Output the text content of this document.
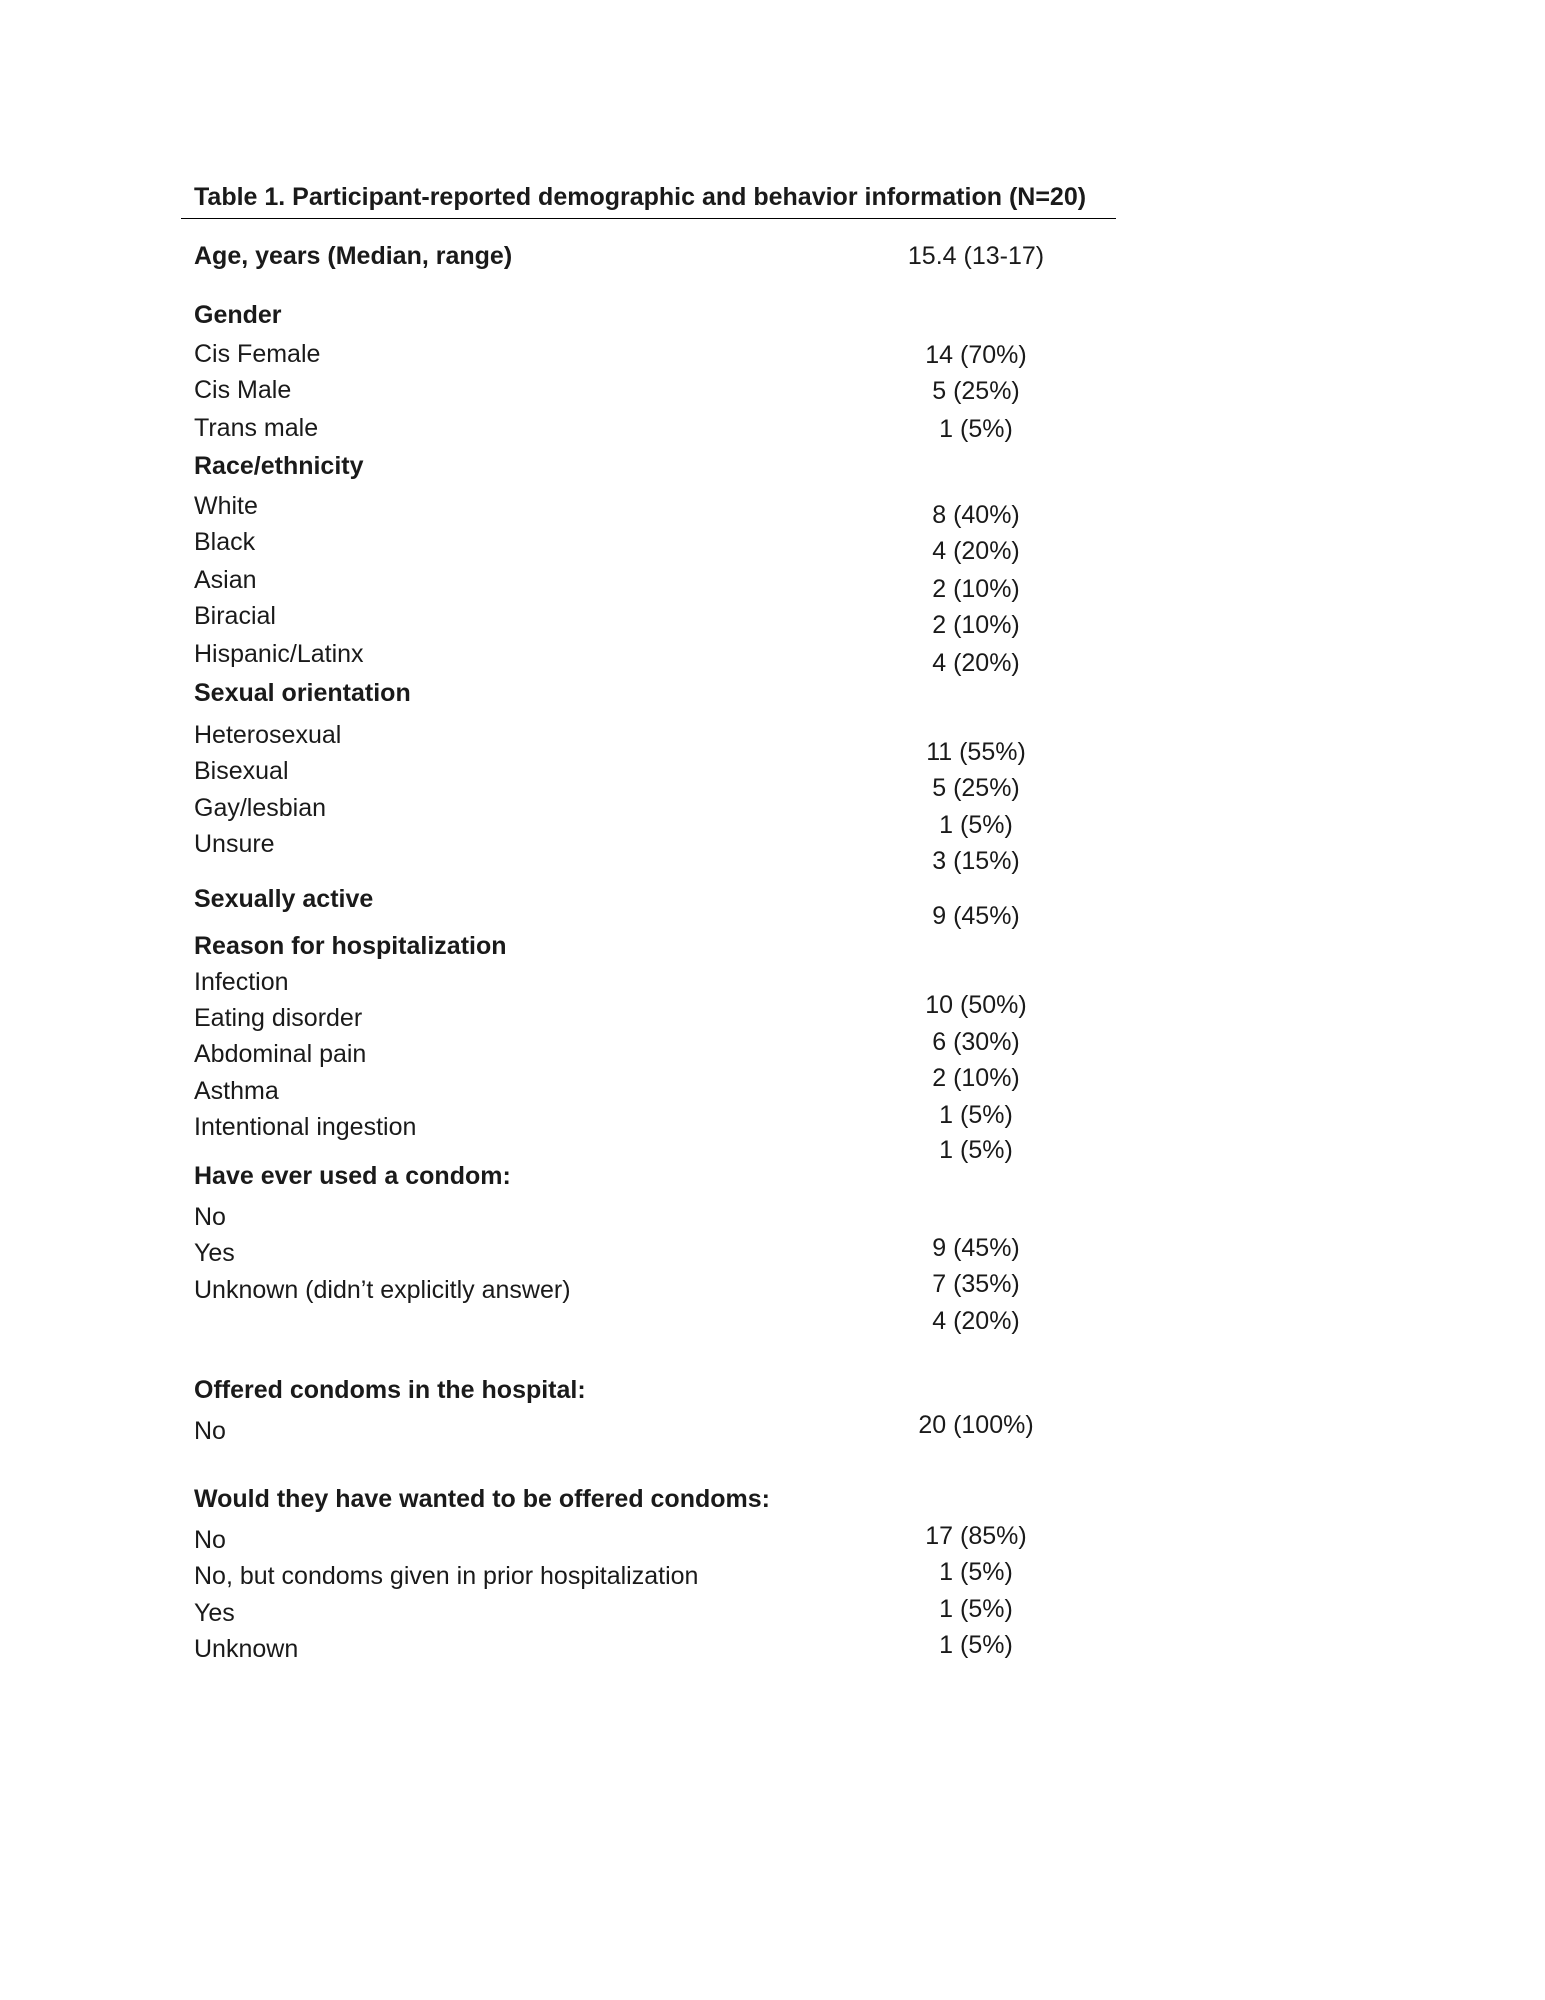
Table 1. Participant-reported demographic and behavior information (N=20)
Age, years (Median, range)	15.4 (13-17)
Gender
Cis Female
Cis Male
Trans male
14 (70%)
5 (25%)
1 (5%)
Race/ethnicity
White
Black
Asian
Biracial
Hispanic/Latinx
8 (40%)
4 (20%)
2 (10%)
2 (10%)
4 (20%)
Sexual orientation
Heterosexual
Bisexual
Gay/lesbian
Unsure
11 (55%)
5 (25%)
1 (5%)
3 (15%)
Sexually active
9 (45%)
Reason for hospitalization
Infection
Eating disorder
Abdominal pain
Asthma
Intentional ingestion
10 (50%)
6 (30%)
2 (10%)
1 (5%)
1 (5%)
Have ever used a condom:
No
Yes
Unknown (didn’t explicitly answer)
9 (45%)
7 (35%)
4 (20%)
Offered condoms in the hospital:
No	20 (100%)
Would they have wanted to be offered condoms:
No
No, but condoms given in prior hospitalization
Yes
Unknown
17 (85%)
1 (5%)
1 (5%)
1 (5%)
